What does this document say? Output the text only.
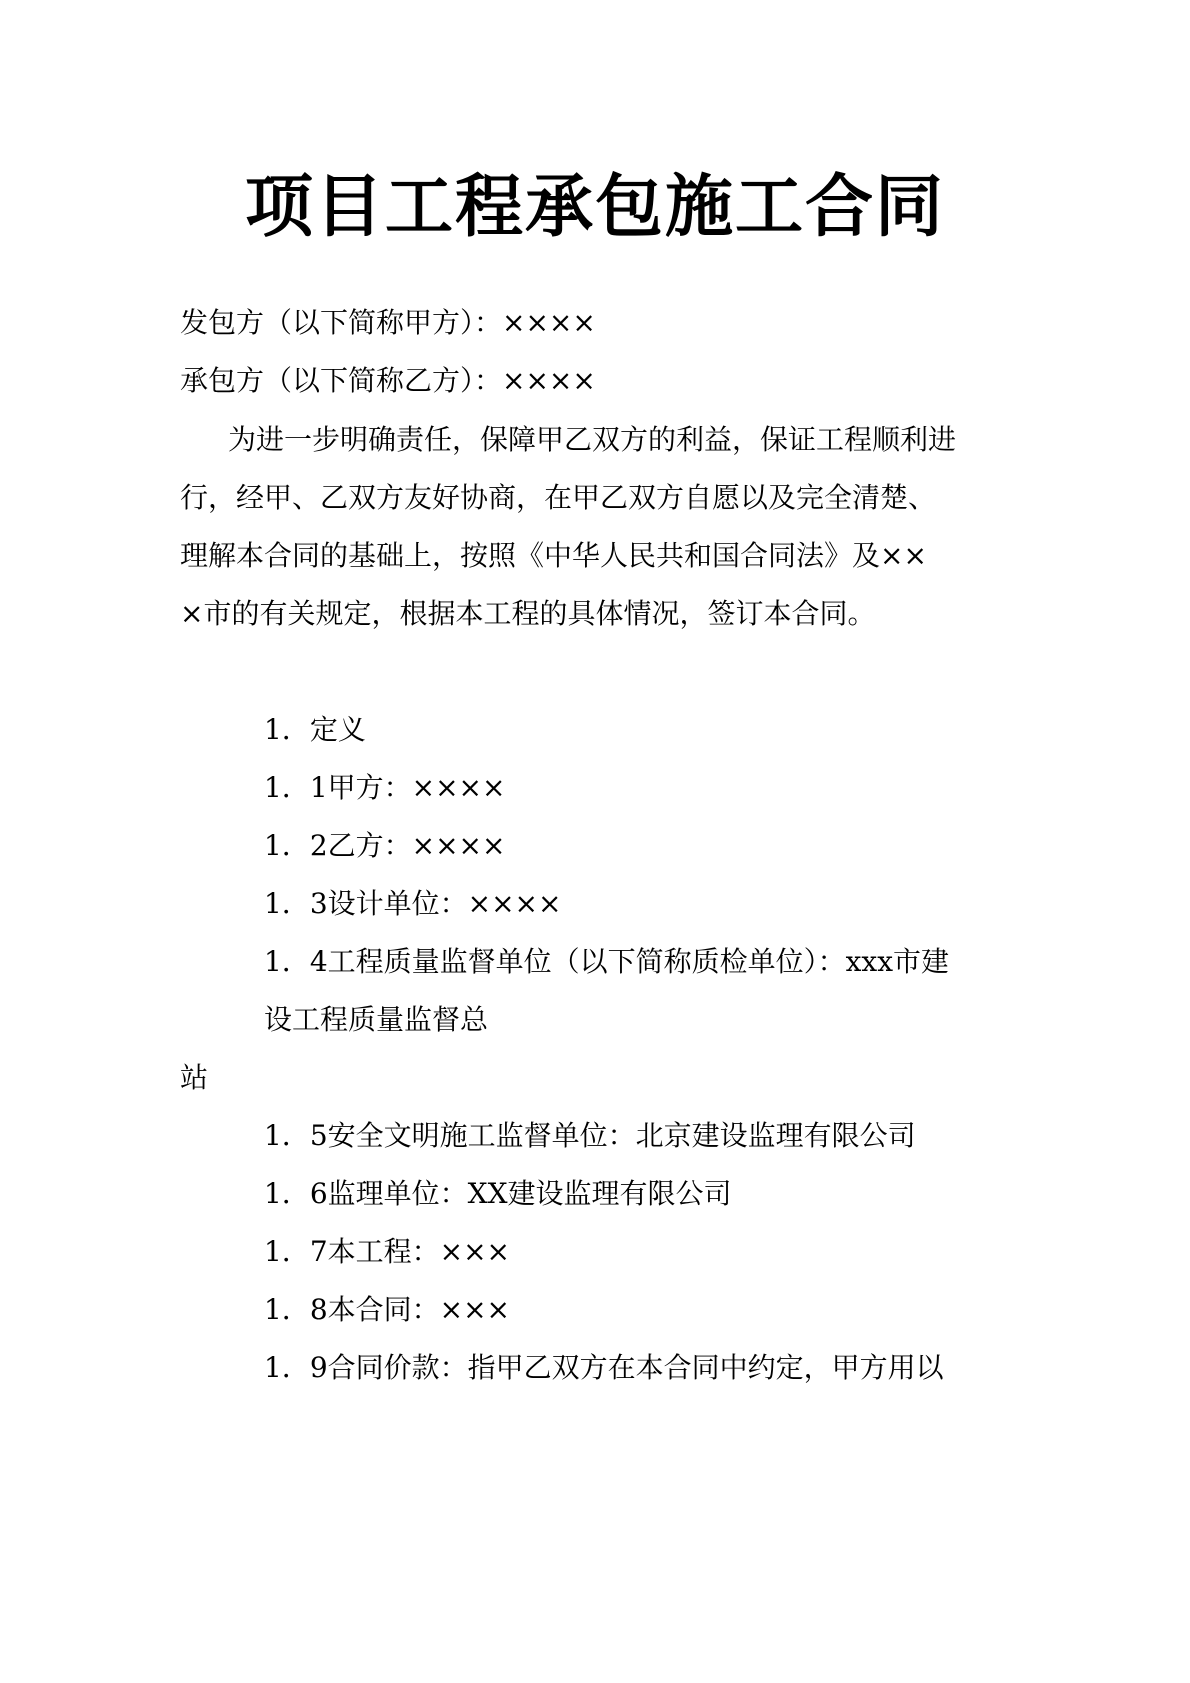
项目工程承包施工合同
发包方（以下简称甲方）：××××
承包方（以下简称乙方）：××××
为进一步明确责任，保障甲乙双方的利益，保证工程顺利进
行，经甲、乙双方友好协商，在甲乙双方自愿以及完全清楚、
理解本合同的基础上，按照《中华人民共和国合同法》及××
×市的有关规定，根据本工程的具体情况，签订本合同。
1．定义
1．1甲方：××××
1．2乙方：××××
1．3设计单位：××××
1．4工程质量监督单位（以下简称质检单位）：xxx市建
设工程质量监督总
站
1．5安全文明施工监督单位：北京建设监理有限公司
1．6监理单位：XX建设监理有限公司
1．7本工程：×××
1．8本合同：×××
1．9合同价款：指甲乙双方在本合同中约定，甲方用以
